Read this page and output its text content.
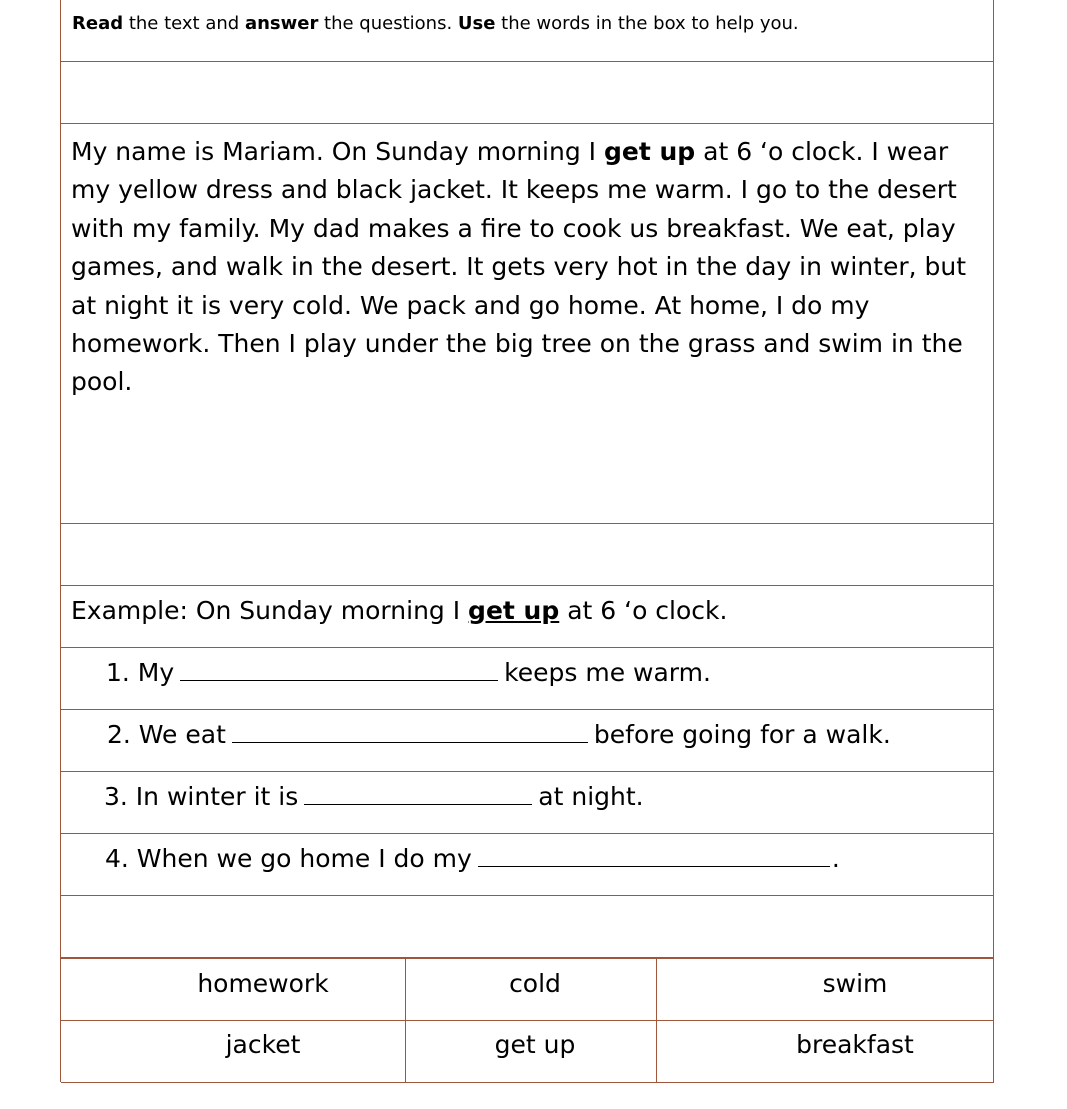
Read the text and answer the questions. Use the words in the box to help you.
My name is Mariam. On Sunday morning I get up at 6 ‘o clock. I wear my yellow dress and black jacket. It keeps me warm. I go to the desert with my family. My dad makes a fire to cook us breakfast. We eat, play games, and walk in the desert. It gets very hot in the day in winter, but at night it is very cold. We pack and go home. At home, I do my homework. Then I play under the big tree on the grass and swim in the pool.
Example: On Sunday morning I get up at 6 ‘o clock.
1. My	keeps me warm.
2. We eat	before going for a walk.
3. In winter it is	at night.
4. When we go home I do my	.
homework	cold	swim
jacket	get up	breakfast
